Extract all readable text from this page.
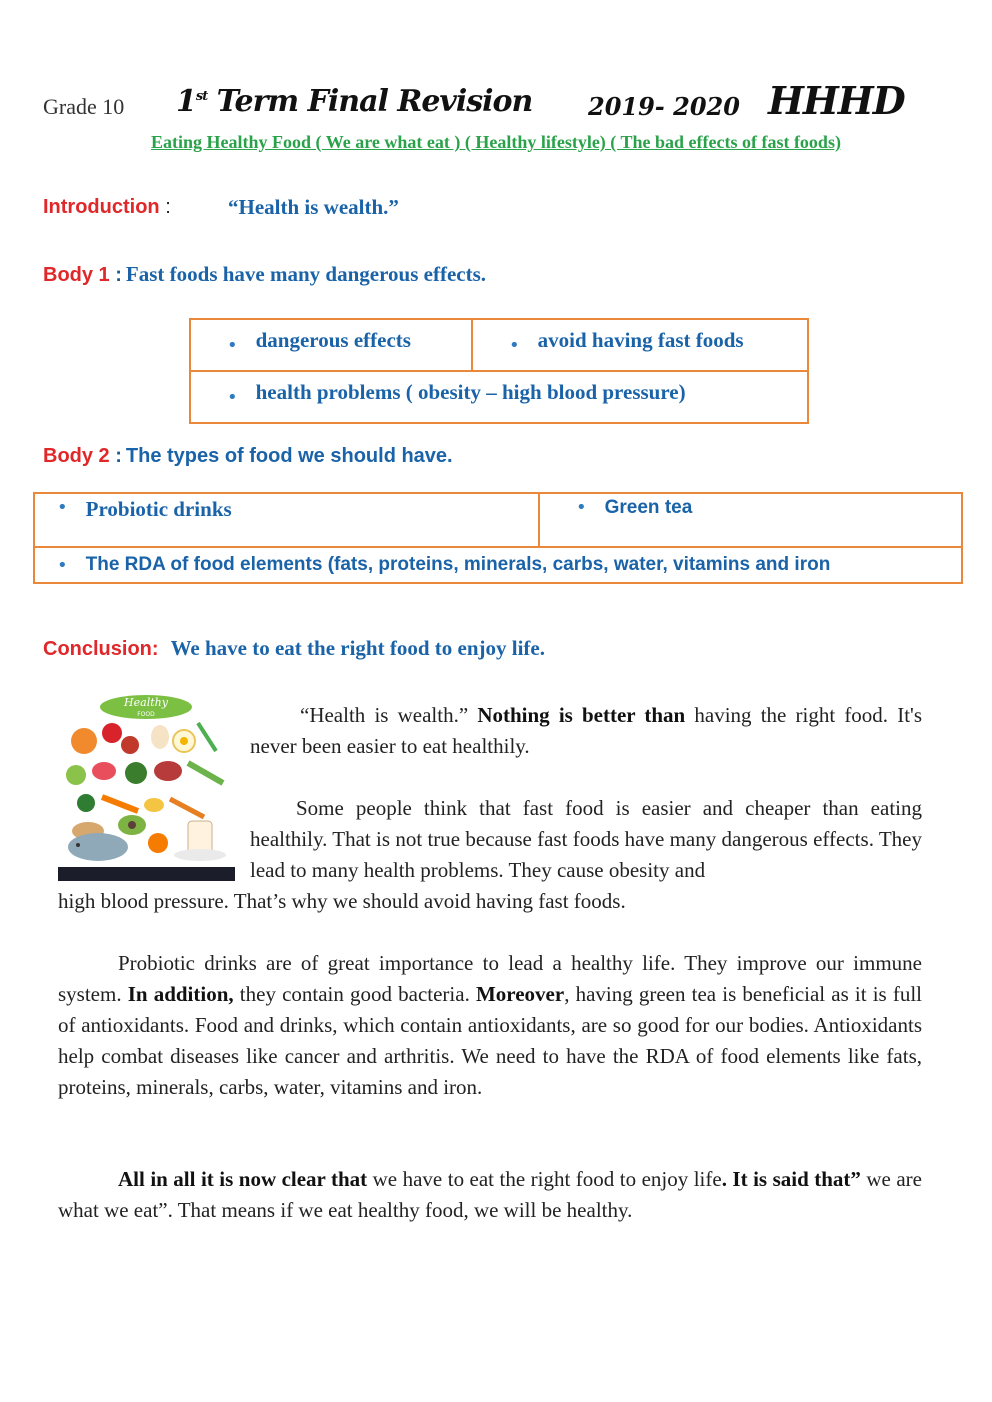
Grade 10 1st Term Final Revision 2019- 2020 HHHD
Eating Healthy Food ( We are what eat ) ( Healthy lifestyle) ( The bad effects of fast foods)
Introduction :	“Health is wealth.”
Body 1 : Fast foods have many dangerous effects.
• dangerous effects	• avoid having fast foods

• health problems ( obesity – high blood pressure)
Body 2 : The types of food we should have.
• Probiotic drinks	• Green tea

• The RDA of food elements (fats, proteins, minerals, carbs, water, vitamins and iron
Conclusion: We have to eat the right food to enjoy life.
Healthy
FOOD	“Health is wealth.” Nothing is better than having the right food. It's never been easier to eat healthily.
Some people think that fast food is easier and cheaper than eating healthily. That is not true because fast foods have many dangerous effects. They lead to many health problems. They cause obesity and
high blood pressure. That’s why we should avoid having fast foods.
Probiotic drinks are of great importance to lead a healthy life. They improve our immune system. In addition, they contain good bacteria. Moreover, having green tea is beneficial as it is full of antioxidants. Food and drinks, which contain antioxidants, are so good for our bodies. Antioxidants help combat diseases like cancer and arthritis. We need to have the RDA of food elements like fats, proteins, minerals, carbs, water, vitamins and iron.
All in all it is now clear that we have to eat the right food to enjoy life. It is said that” we are what we eat”. That means if we eat healthy food, we will be healthy.
